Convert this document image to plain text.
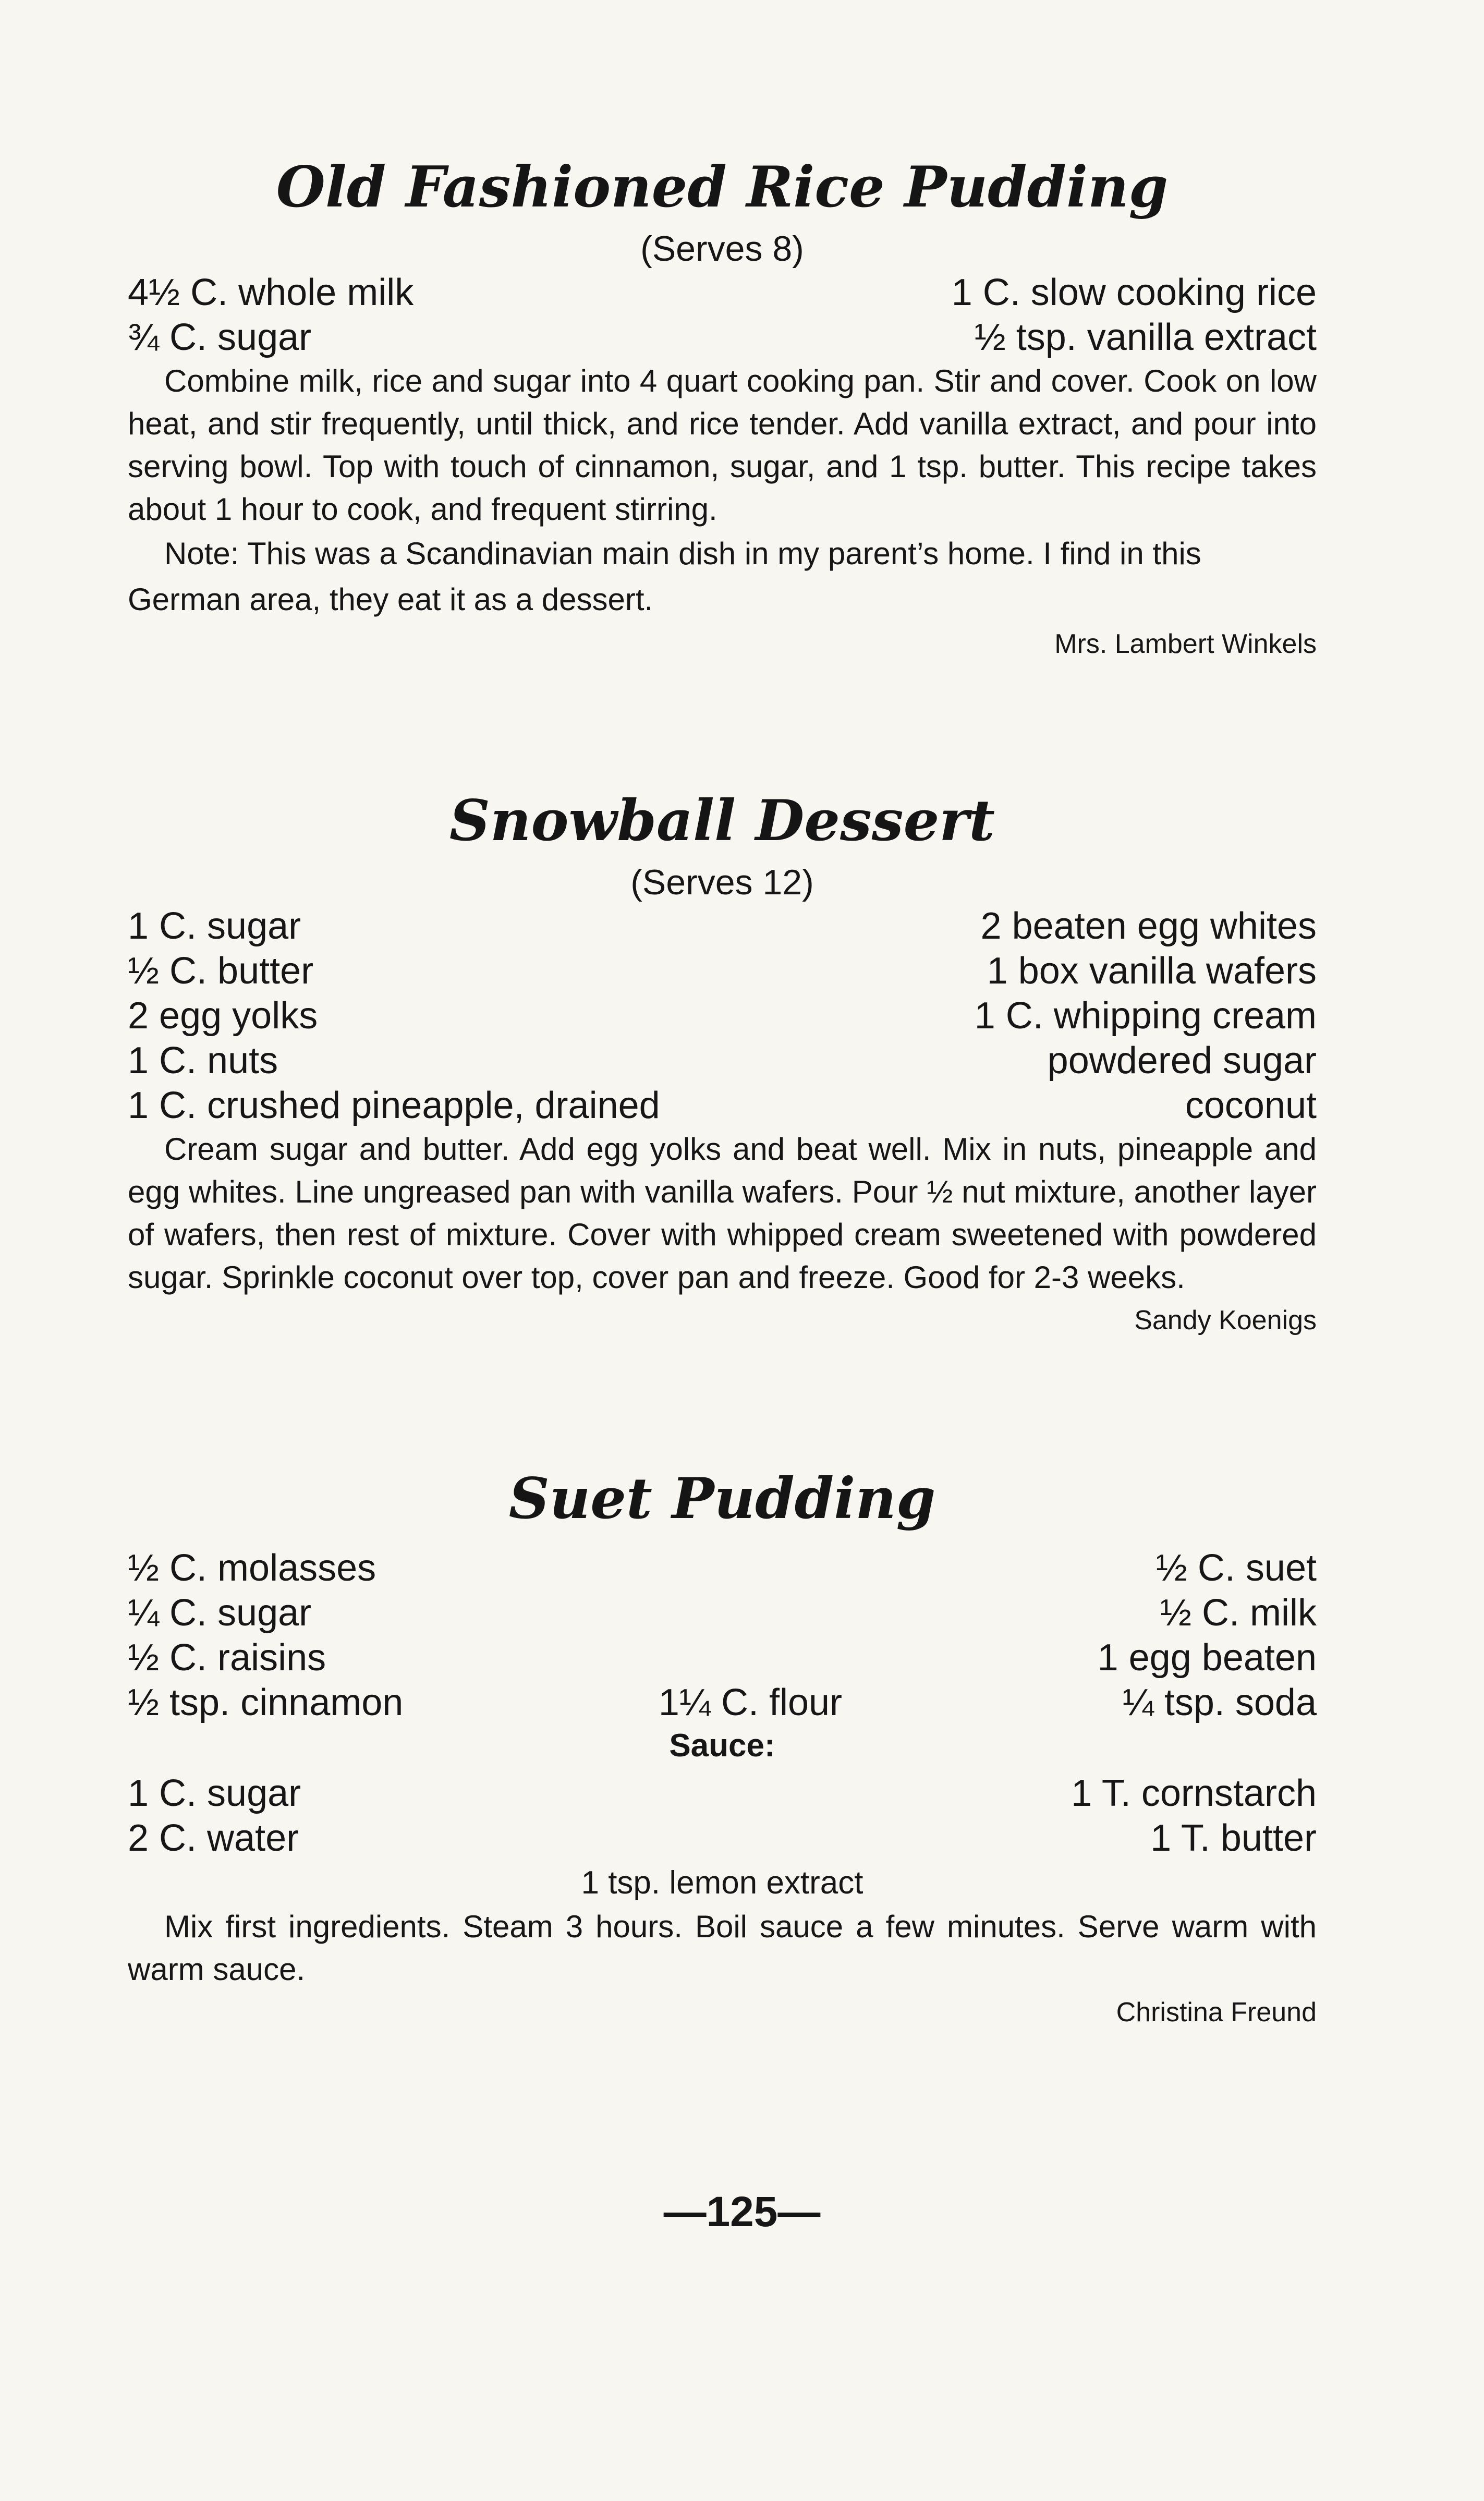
Old Fashioned Rice Pudding
(Serves 8)
4½ C. whole milk
¾ C. sugar
1 C. slow cooking rice
½ tsp. vanilla extract

Combine milk, rice and sugar into 4 quart cooking pan. Stir and cover. Cook on low heat, and stir frequently, until thick, and rice tender. Add vanilla extract, and pour into serving bowl. Top with touch of cinnamon, sugar, and 1 tsp. butter. This recipe takes about 1 hour to cook, and frequent stirring.

Note: This was a Scandinavian main dish in my parent’s home. I find in this German area, they eat it as a dessert.

Mrs. Lambert Winkels
Snowball Dessert
(Serves 12)
1 C. sugar
½ C. butter
2 egg yolks
1 C. nuts
1 C. crushed pineapple, drained
2 beaten egg whites
1 box vanilla wafers
1 C. whipping cream
powdered sugar
coconut

Cream sugar and butter. Add egg yolks and beat well. Mix in nuts, pineapple and egg whites. Line ungreased pan with vanilla wafers. Pour ½ nut mixture, another layer of wafers, then rest of mixture. Cover with whipped cream sweetened with powdered sugar. Sprinkle coconut over top, cover pan and freeze. Good for 2-3 weeks.

Sandy Koenigs
Suet Pudding
½ C. molasses
¼ C. sugar
½ C. raisins
½ tsp. cinnamon	1¼ C. flour
½ C. suet
½ C. milk
1 egg beaten
¼ tsp. soda
Sauce:
1 C. sugar
2 C. water
1 T. cornstarch
1 T. butter
1 tsp. lemon extract

Mix first ingredients. Steam 3 hours. Boil sauce a few minutes. Serve warm with warm sauce.

Christina Freund
—125—
